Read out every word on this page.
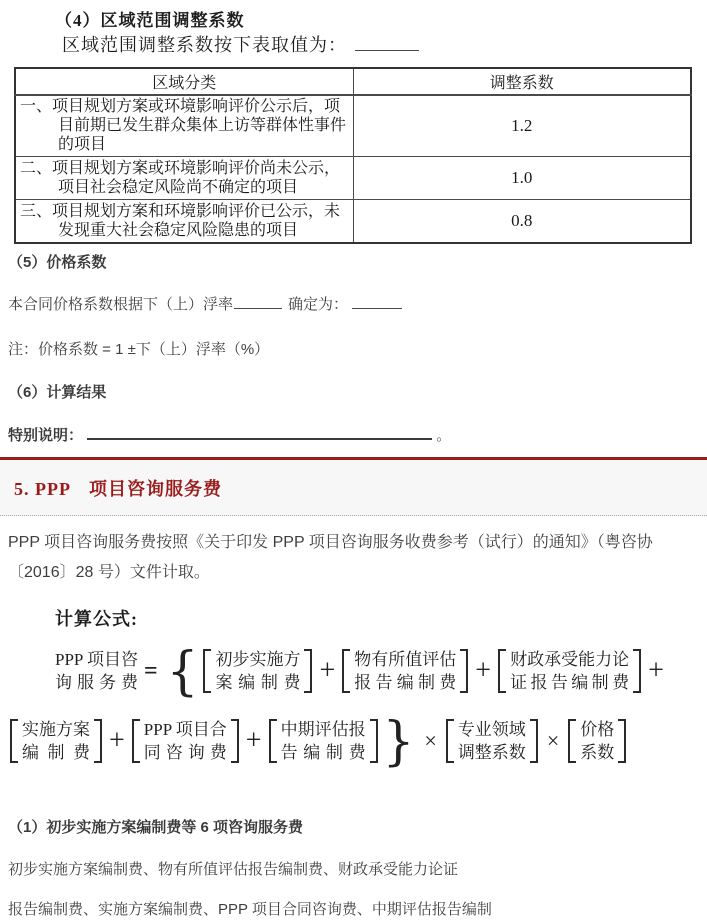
（4）区域范围调整系数
区域范围调整系数按下表取值为：
区域分类	调整系数
一、项目规划方案或环境影响评价公示后，项目前期已发生群众集体上访等群体性事件的项目	1.2
二、项目规划方案或环境影响评价尚未公示，项目社会稳定风险尚不确定的项目	1.0
三、项目规划方案和环境影响评价已公示，未发现重大社会稳定风险隐患的项目	0.8
（5）价格系数
本合同价格系数根据下（上）浮率	确定为：
注：价格系数 = 1 ±下（上）浮率（%）
（6）计算结果
特别说明：	。
5. PPP　项目咨询服务费
PPP 项目咨询服务费按照《关于印发 PPP 项目咨询服务收费参考（试行）的通知》（粤咨协
〔2016〕28 号）文件计取。
计算公式:
PPP 项目咨
询服务费 = { 初步实施方
案编制费 + 物有所值评估
报告编制费 + 财政承受能力论
证报告编制费 +
实施方案
编制费 + PPP 项目合
同咨询费 + 中期评估报
告编制费 } × 专业领域
调整系数 × 价格
系数
（1）初步实施方案编制费等 6 项咨询服务费
初步实施方案编制费、物有所值评估报告编制费、财政承受能力论证
报告编制费、实施方案编制费、PPP 项目合同咨询费、中期评估报告编制
